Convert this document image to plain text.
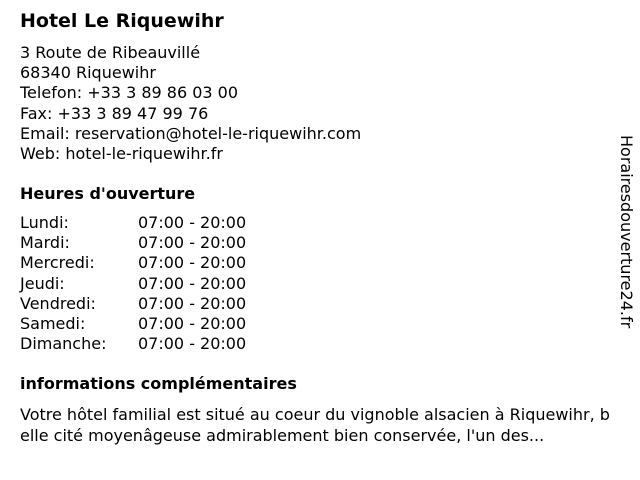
Hotel Le Riquewihr
3 Route de Ribeauvillé
68340 Riquewihr
Telefon: +33 3 89 86 03 00
Fax: +33 3 89 47 99 76
Email: reservation@hotel-le-riquewihr.com
Web: hotel-le-riquewihr.fr
Heures d'ouverture
Lundi:	07:00 - 20:00
Mardi:	07:00 - 20:00
Mercredi:	07:00 - 20:00
Jeudi:	07:00 - 20:00
Vendredi:	07:00 - 20:00
Samedi:	07:00 - 20:00
Dimanche: 07:00 - 20:00
informations complémentaires
Votre hôtel familial est situé au coeur du vignoble alsacien à Riquewihr, belle cité moyenâgeuse admirablement bien conservée, l'un des...
Horairesdouverture24.fr
